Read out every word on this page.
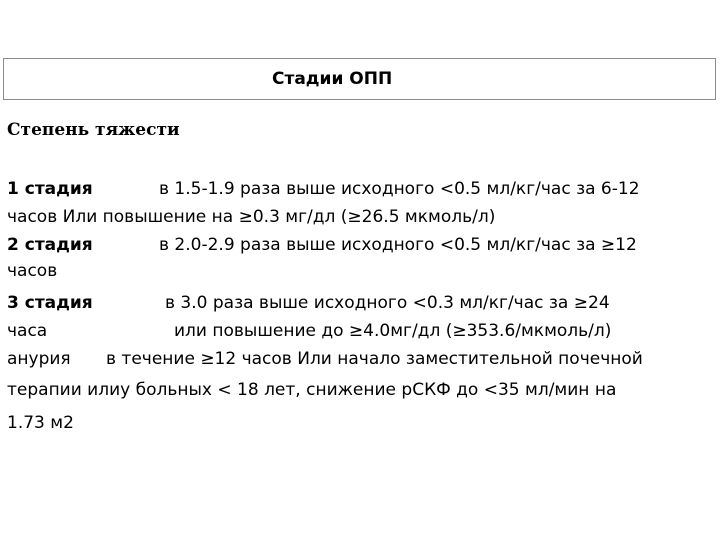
Стадии ОПП
Степень тяжести
1 стадия	в 1.5-1.9 раза выше исходного <0.5 мл/кг/час за 6-12
часов Или повышение на ≥0.3 мг/дл (≥26.5 мкмоль/л)
2 стадия	в 2.0-2.9 раза выше исходного <0.5 мл/кг/час за ≥12
часов
3 стадия	в 3.0 раза выше исходного <0.3 мл/кг/час за ≥24
часа	или повышение до ≥4.0мг/дл (≥353.6/мкмоль/л)
анурия в течение ≥12 часов Или начало заместительной почечной
терапии илиу больных < 18 лет, снижение рСКФ до <35 мл/мин на
1.73 м2
